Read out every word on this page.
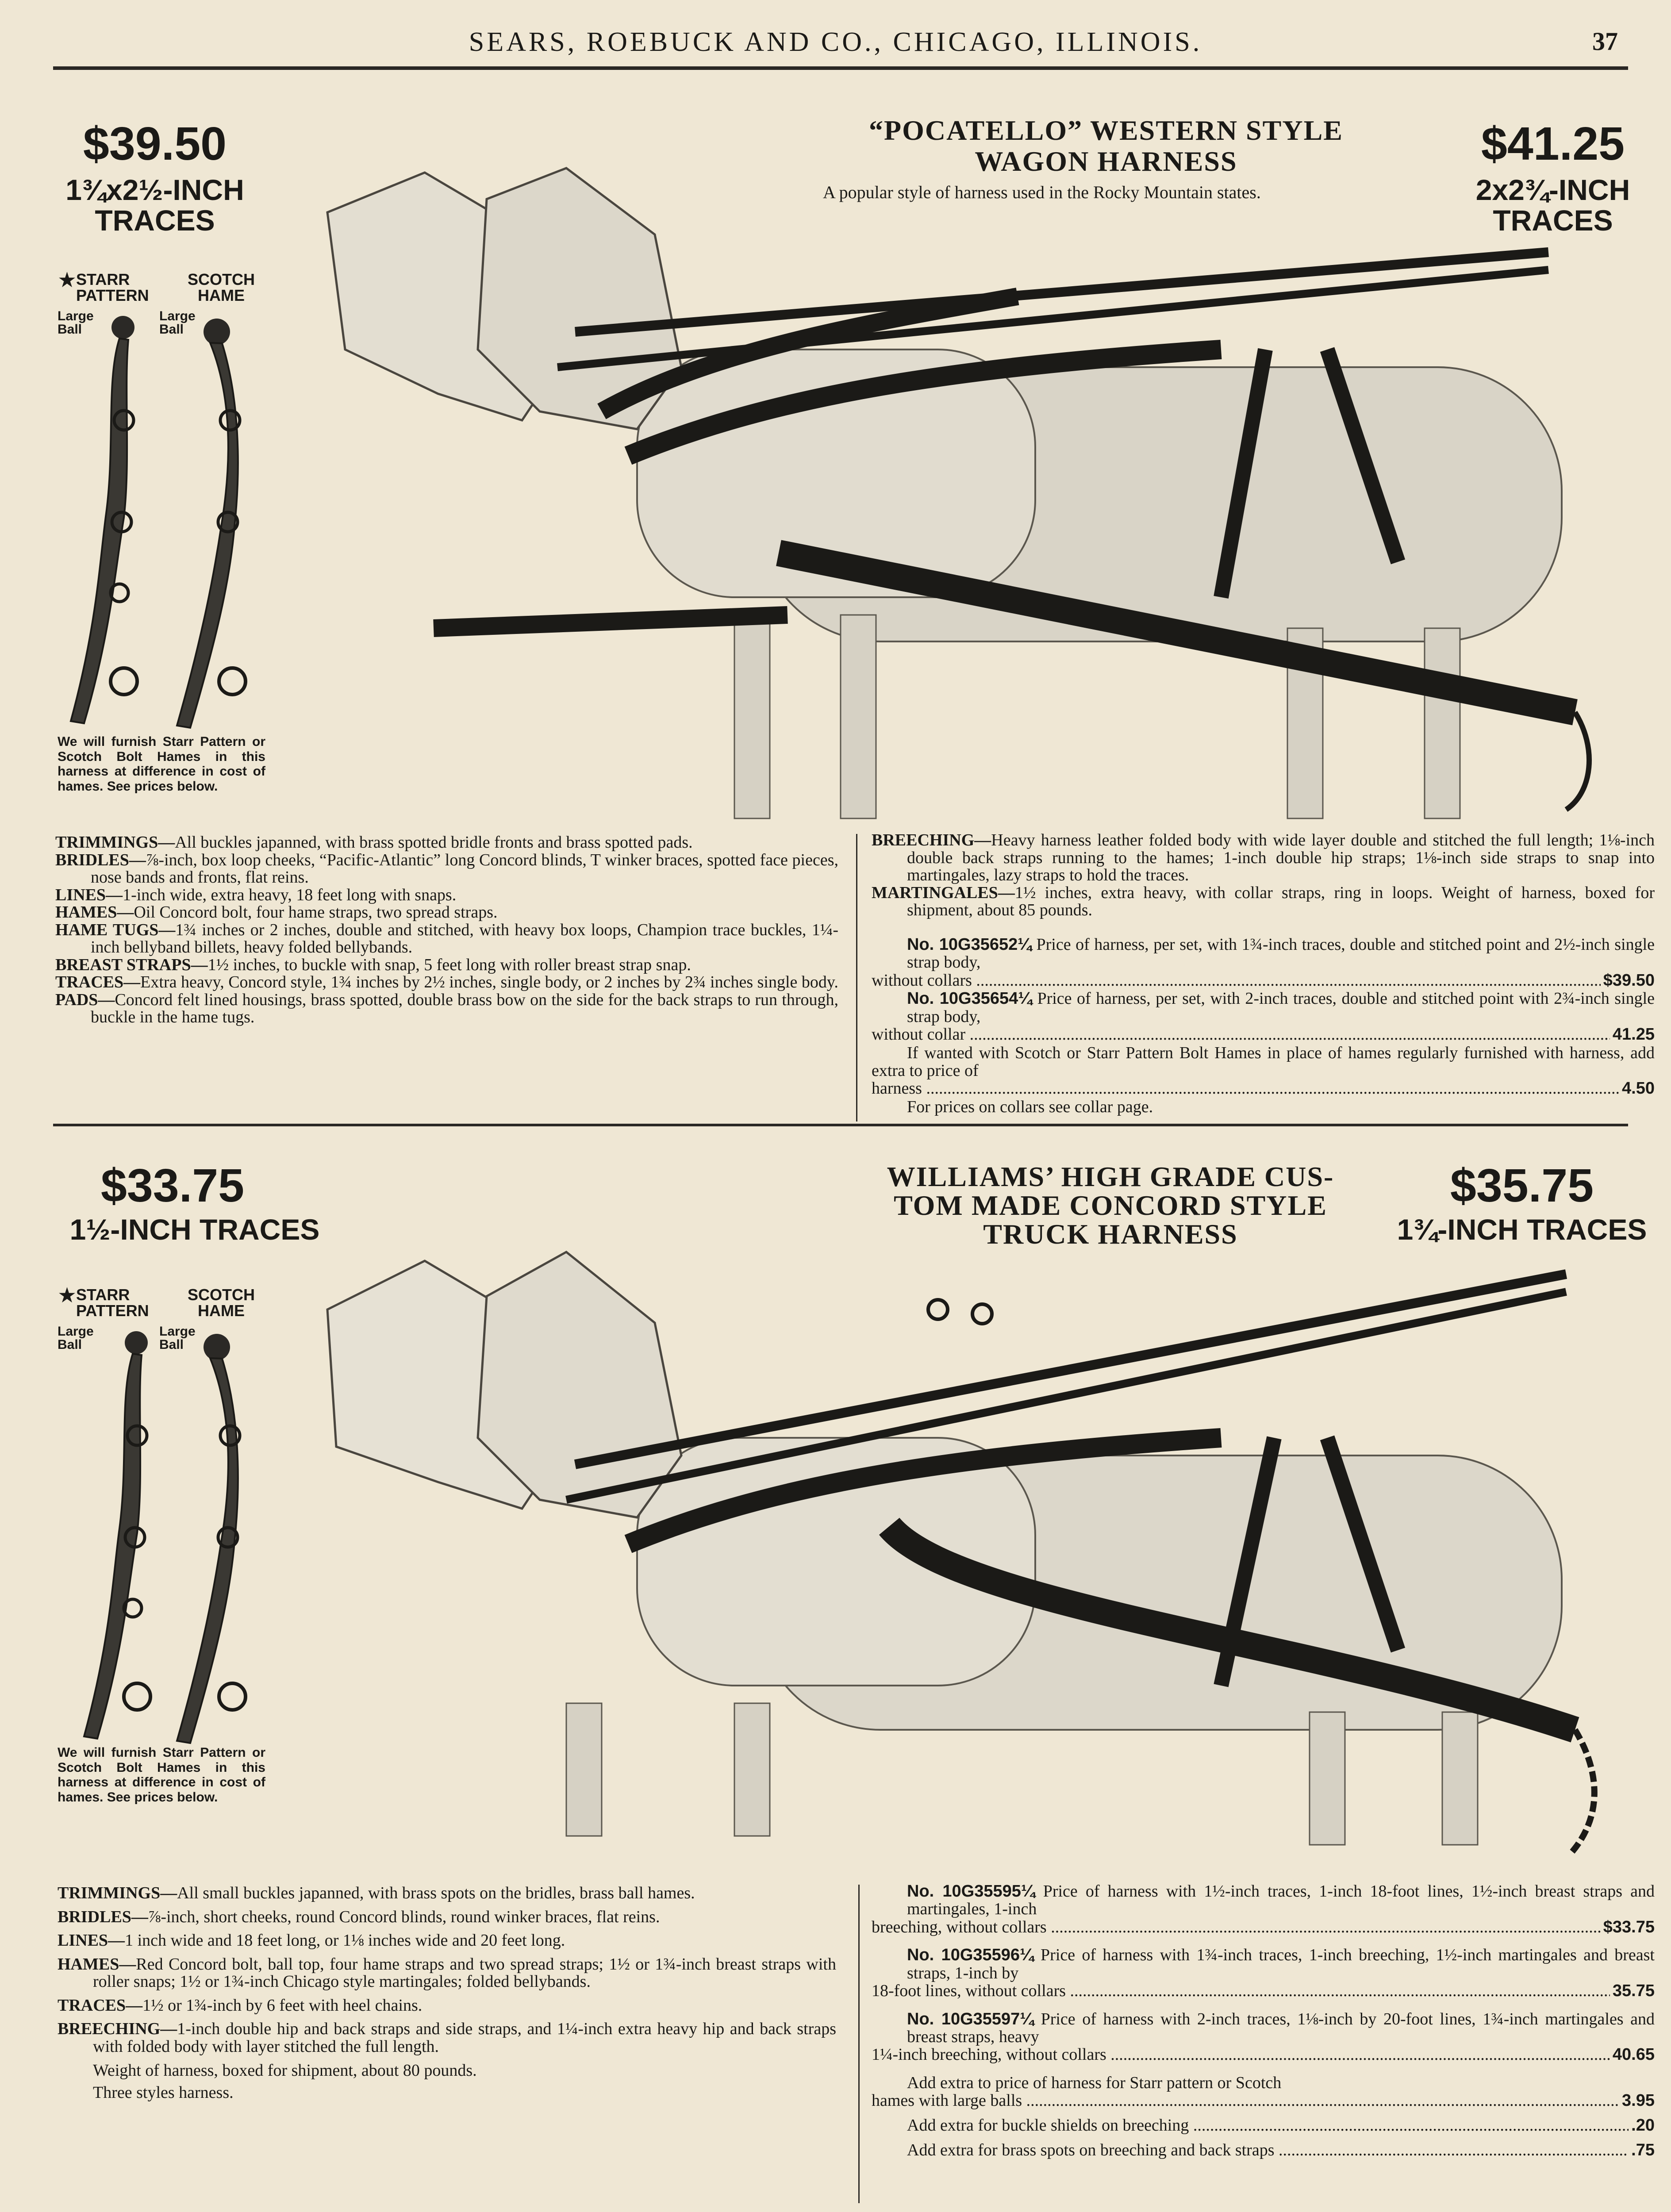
SEARS, ROEBUCK AND CO., CHICAGO, ILLINOIS.	37
$39.50
1¾x2½-INCH TRACES
“POCATELLO” WESTERN STYLE
WAGON HARNESS
A popular style of harness used in the Rocky Mountain states.
$41.25
2x2¾-INCH TRACES
★
STARR PATTERN
SCOTCH HAME
Large Ball
Large Ball
We will furnish Starr Pattern or Scotch Bolt Hames in this harness at difference in cost of hames. See prices below.

TRIMMINGS—All buckles japanned, with brass spotted bridle fronts and brass spotted pads.

BRIDLES—⅞-inch, box loop cheeks, “Pacific-Atlantic” long Concord blinds, T winker braces, spotted face pieces, nose bands and fronts, flat reins.

LINES—1-inch wide, extra heavy, 18 feet long with snaps.

HAMES—Oil Concord bolt, four hame straps, two spread straps.

HAME TUGS—1¾ inches or 2 inches, double and stitched, with heavy box loops, Champion trace buckles, 1¼-inch bellyband billets, heavy folded bellybands.

BREAST STRAPS—1½ inches, to buckle with snap, 5 feet long with roller breast strap snap.

TRACES—Extra heavy, Concord style, 1¾ inches by 2½ inches, single body, or 2 inches by 2¾ inches single body.

PADS—Concord felt lined housings, brass spotted, double brass bow on the side for the back straps to run through, buckle in the hame tugs.

BREECHING—Heavy harness leather folded body with wide layer double and stitched the full length; 1⅛-inch double back straps running to the hames; 1-inch double hip straps; 1⅛-inch side straps to snap into martingales, lazy straps to hold the traces.

MARTINGALES—1½ inches, extra heavy, with collar straps, ring in loops. Weight of harness, boxed for shipment, about 85 pounds.

No. 10G35652¼ Price of harness, per set, with 1¾-inch traces, double and stitched point and 2½-inch single strap body,
without collars .....	$39.50
No. 10G35654¼ Price of harness, per set, with 2-inch traces, double and stitched point with 2¾-inch single strap body,
without collar .....	41.25
If wanted with Scotch or Starr Pattern Bolt Hames in place of hames regularly furnished with harness, add extra to price of
harness .....	4.50
For prices on collars see collar page.
$33.75
1½-INCH TRACES
WILLIAMS’ HIGH GRADE CUS-
TOM MADE CONCORD STYLE
TRUCK HARNESS
$35.75
1¾-INCH TRACES
★
STARR PATTERN
SCOTCH HAME
Large Ball
Large Ball
We will furnish Starr Pattern or Scotch Bolt Hames in this harness at difference in cost of hames. See prices below.

TRIMMINGS—All small buckles japanned, with brass spots on the bridles, brass ball hames.

BRIDLES—⅞-inch, short cheeks, round Concord blinds, round winker braces, flat reins.

LINES—1 inch wide and 18 feet long, or 1⅛ inches wide and 20 feet long.

HAMES—Red Concord bolt, ball top, four hame straps and two spread straps; 1½ or 1¾-inch breast straps with roller snaps; 1½ or 1¾-inch Chicago style martingales; folded bellybands.

TRACES—1½ or 1¾-inch by 6 feet with heel chains.

BREECHING—1-inch double hip and back straps and side straps, and 1¼-inch extra heavy hip and back straps with folded body with layer stitched the full length.

Weight of harness, boxed for shipment, about 80 pounds.
Three styles harness.
No. 10G35595¼ Price of harness with 1½-inch traces, 1-inch 18-foot lines, 1½-inch breast straps and martingales, 1-inch
breeching, without collars .....	$33.75
No. 10G35596¼ Price of harness with 1¾-inch traces, 1-inch breeching, 1½-inch martingales and breast straps, 1-inch by
18-foot lines, without collars .....	35.75
No. 10G35597¼ Price of harness with 2-inch traces, 1⅛-inch by 20-foot lines, 1¾-inch martingales and breast straps, heavy
1¼-inch breeching, without collars .....	40.65
Add extra to price of harness for Starr pattern or Scotch
hames with large balls .....	3.95
Add extra for buckle shields on breeching .....	.20
Add extra for brass spots on breeching and back straps .....	.75
